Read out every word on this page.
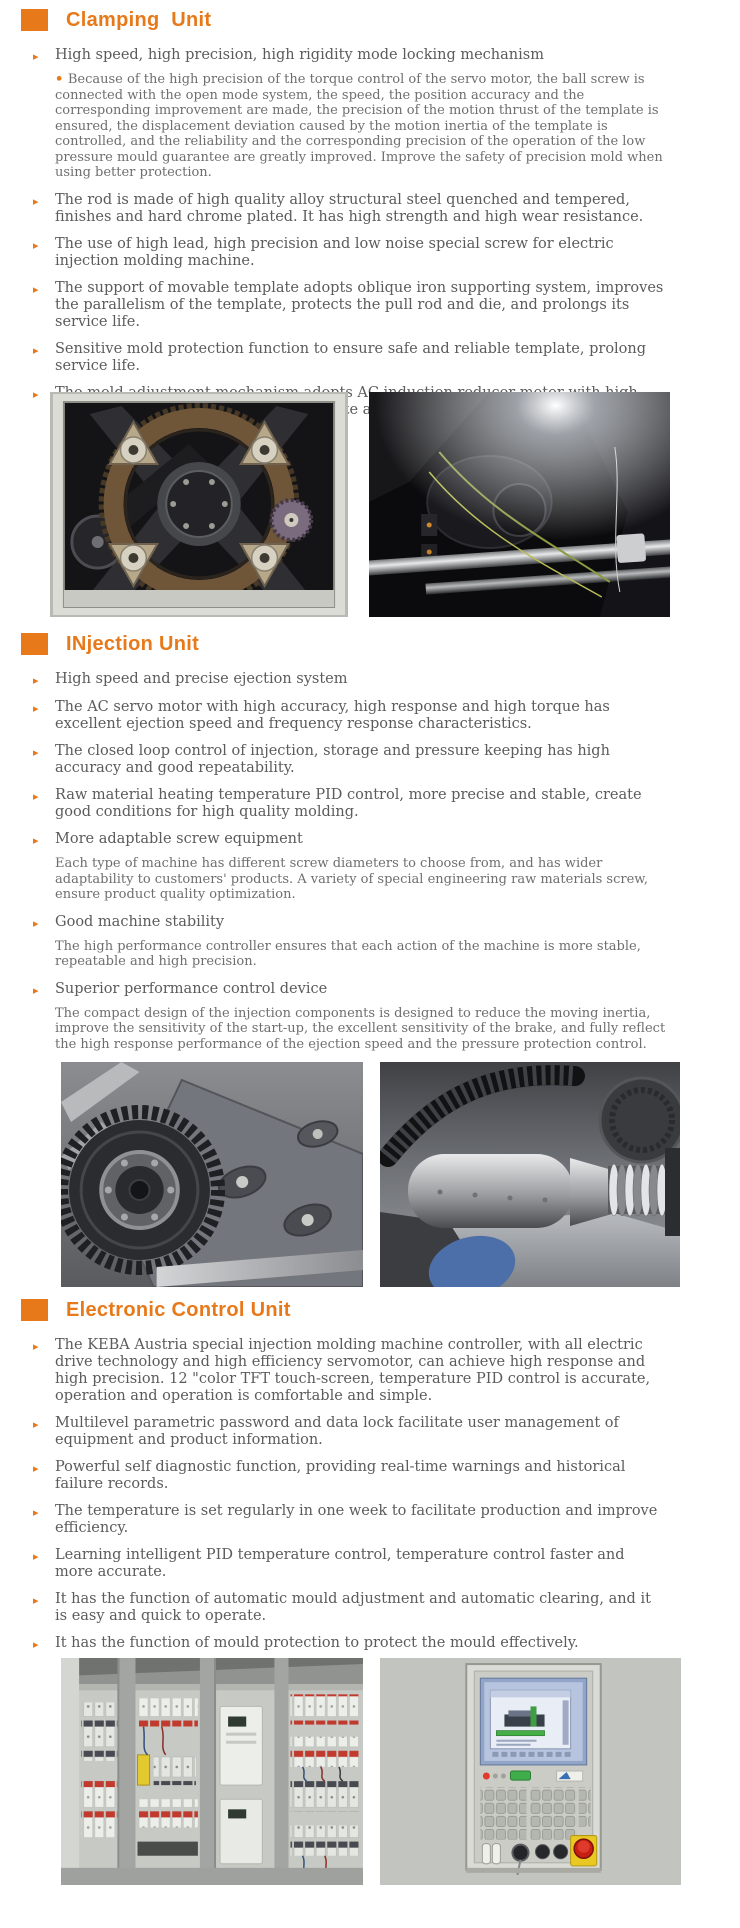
Clamping  Unit
▸	High speed, high precision, high rigidity mode locking mechanism
• Because of the high precision of the torque control of the servo motor, the ball screw is connected with the open mode system, the speed, the position accuracy and the corresponding improvement are made, the precision of the motion thrust of the template is ensured, the displacement deviation caused by the motion inertia of the template is controlled, and the reliability and the corresponding precision of the operation of the low pressure mould guarantee are greatly improved. Improve the safety of precision mold when using better protection.
▸	The rod is made of high quality alloy structural steel quenched and tempered, finishes and hard chrome plated. It has high strength and high wear resistance.
▸	The use of high lead, high precision and low noise special screw for electric injection molding machine.
▸	The support of movable template adopts oblique iron supporting system, improves the parallelism of the template, protects the pull rod and die, and prolongs its service life.
▸	Sensitive mold protection function to ensure safe and reliable template, prolong service life.
▸	AC
INjection Unit
▸	High speed and precise ejection system
▸	The AC servo motor with high accuracy, high response and high torque has excellent ejection speed and frequency response characteristics.
▸	The closed loop control of injection, storage and pressure keeping has high accuracy and good repeatability.
▸	Raw material heating temperature PID control, more precise and stable, create good conditions for high quality molding.
▸	More adaptable screw equipment
Each type of machine has different screw diameters to choose from, and has wider adaptability to customers' products. A variety of special engineering raw materials screw, ensure product quality optimization.
▸	Good machine stability
The high performance controller ensures that each action of the machine is more stable, repeatable and high precision.
▸	Superior performance control device
The compact design of the injection components is designed to reduce the moving inertia, improve the sensitivity of the start-up, the excellent sensitivity of the brake, and fully reflect the high response performance of the ejection speed and the pressure protection control.
Electronic Control Unit
▸	The KEBA Austria special injection molding machine controller, with all electric drive technology and high efficiency servomotor, can achieve high response and high precision. 12 "color TFT touch-screen, temperature PID control is accurate, operation and operation is comfortable and simple.
▸	Multilevel parametric password and data lock facilitate user management of equipment and product information.
▸	Powerful self diagnostic function, providing real-time warnings and historical failure records.
▸	The temperature is set regularly in one week to facilitate production and improve efficiency.
▸	Learning intelligent PID temperature control, temperature control faster and more accurate.
▸	It has the function of automatic mould adjustment and automatic clearing, and it is easy and quick to operate.
▸	It has the function of mould protection to protect the mould effectively.
